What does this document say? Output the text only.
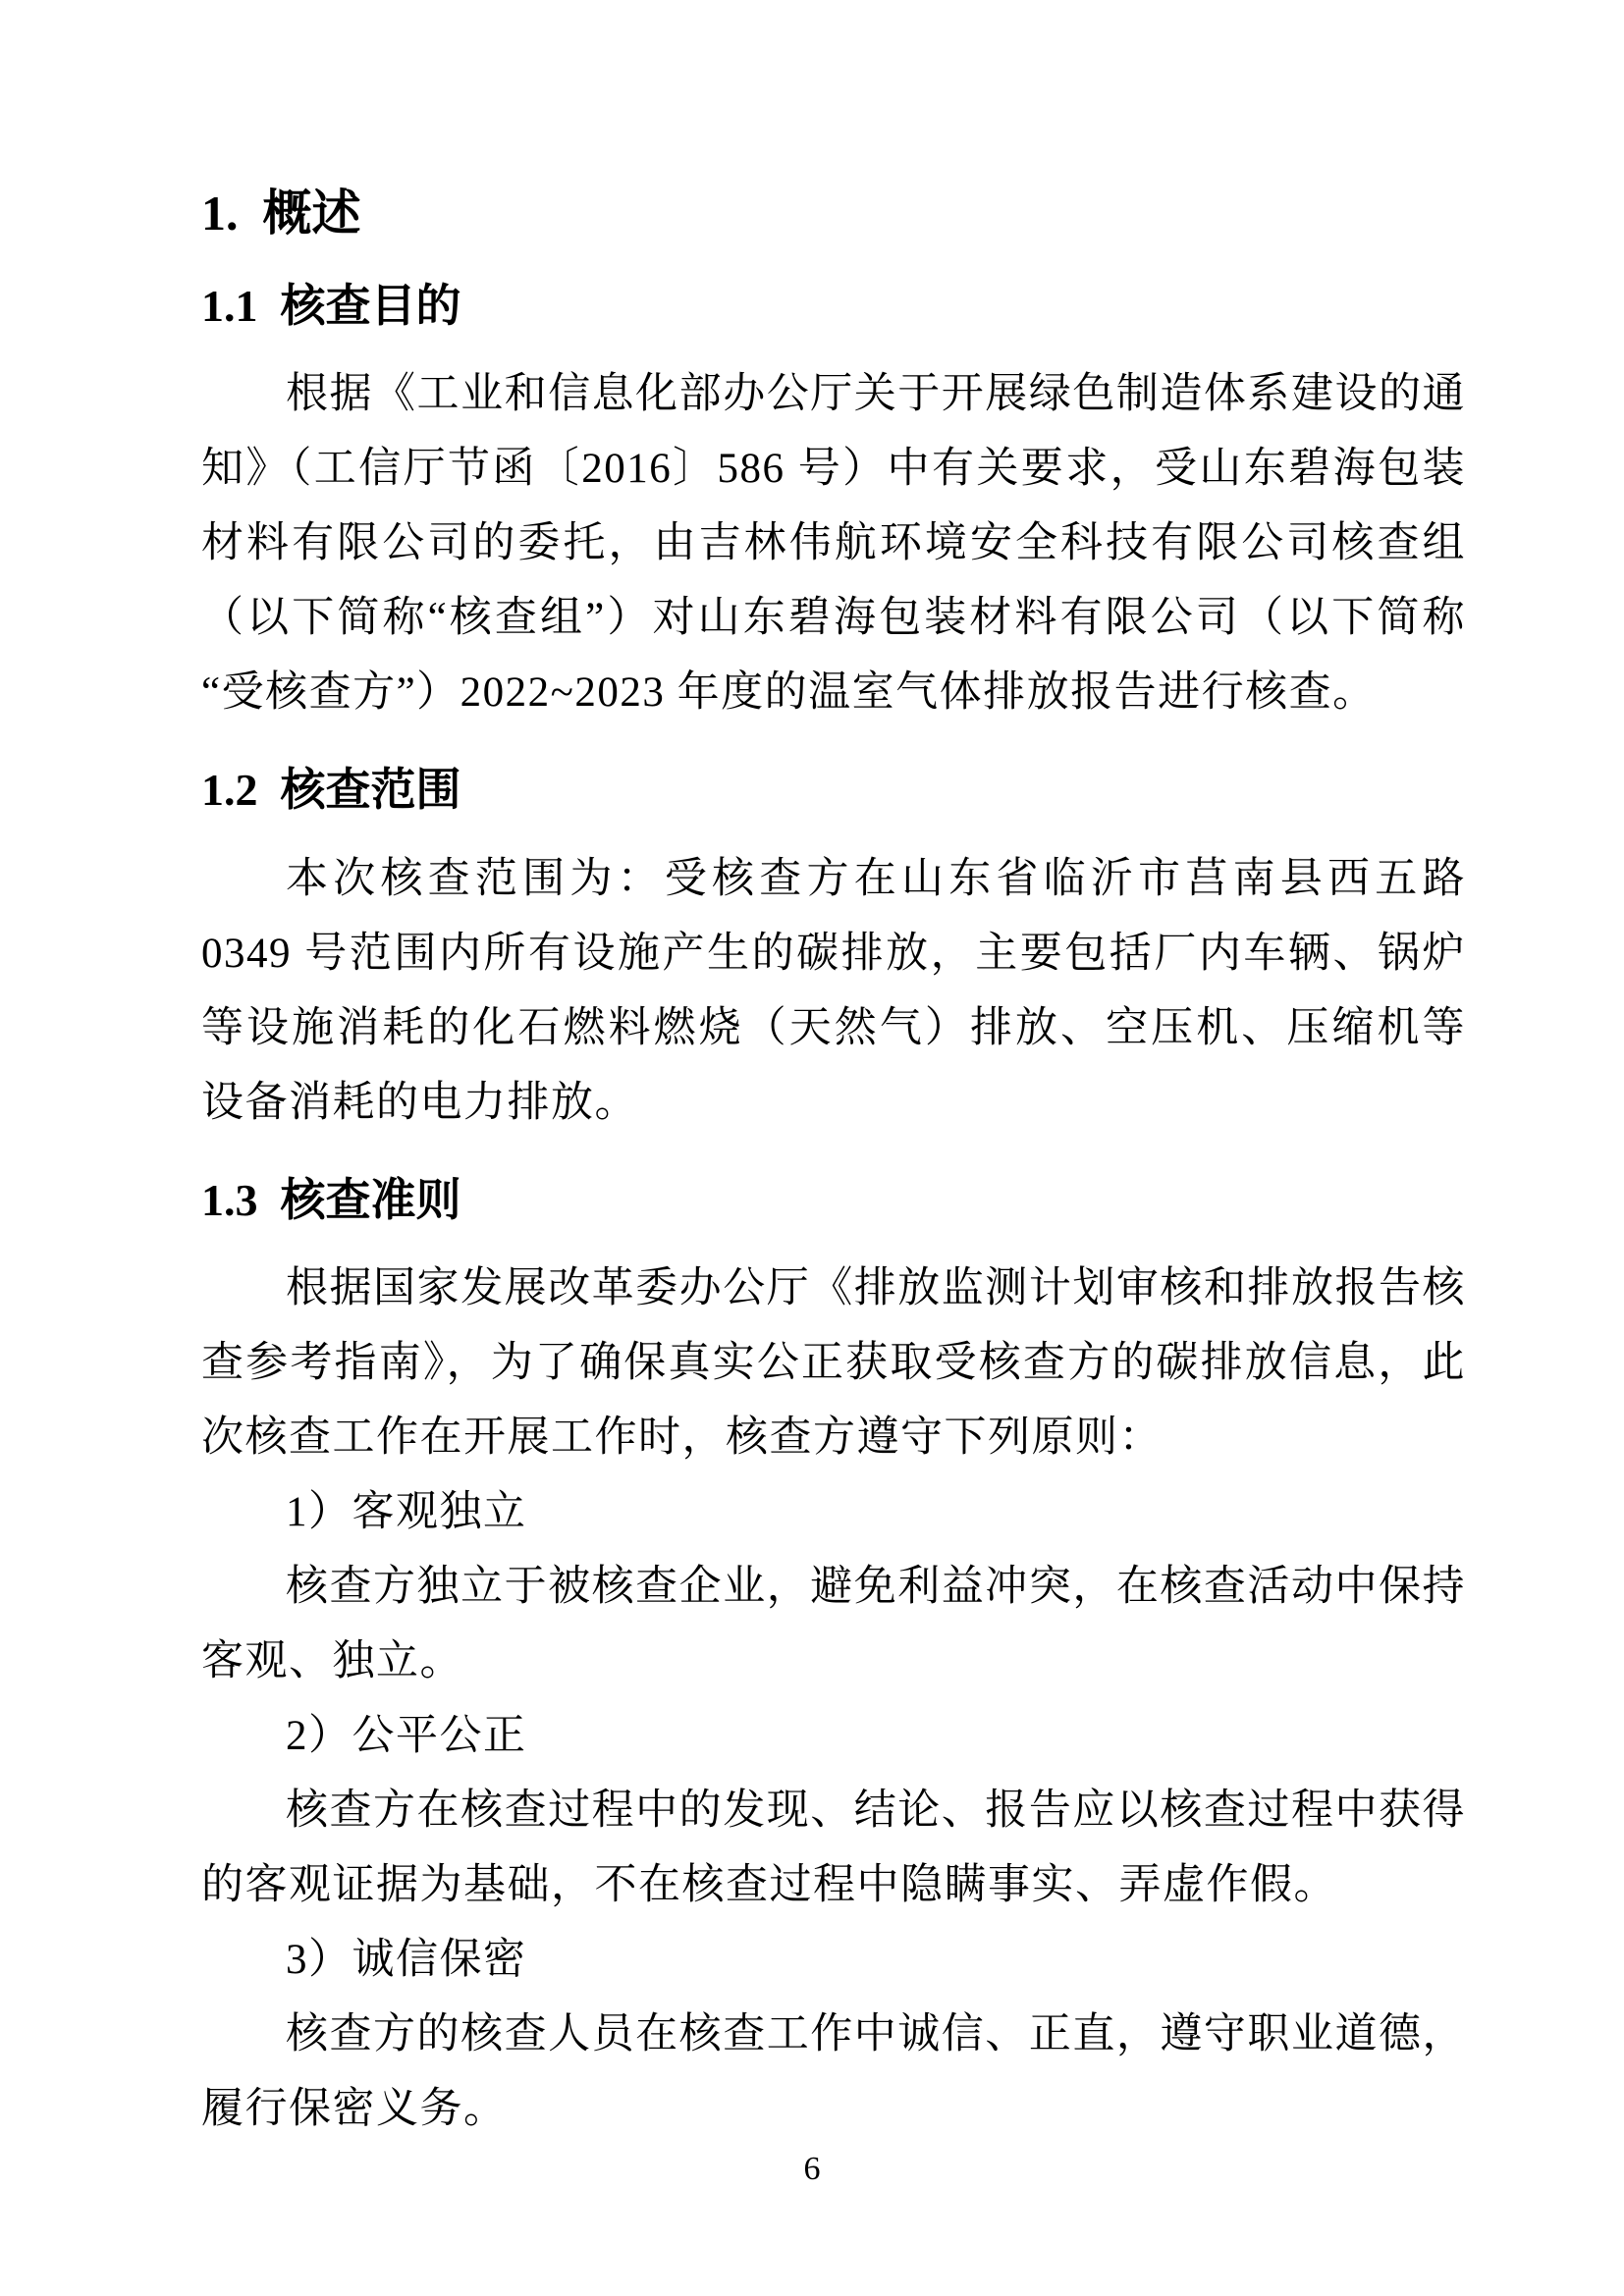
1.  概述
1.1  核查目的
根据《工业和信息化部办公厅关于开展绿色制造体系建设的通知》（工信厅节函〔2016〕586 号）中有关要求，受山东碧海包装材料有限公司的委托，由吉林伟航环境安全科技有限公司核查组（以下简称“核查组”）对山东碧海包装材料有限公司（以下简称“受核查方”）2022~2023 年度的温室气体排放报告进行核查。
1.2  核查范围
本次核查范围为：受核查方在山东省临沂市莒南县西五路 0349 号范围内所有设施产生的碳排放，主要包括厂内车辆、锅炉等设施消耗的化石燃料燃烧（天然气）排放、空压机、压缩机等设备消耗的电力排放。
1.3  核查准则
根据国家发展改革委办公厅《排放监测计划审核和排放报告核查参考指南》，为了确保真实公正获取受核查方的碳排放信息，此次核查工作在开展工作时，核查方遵守下列原则：
1）客观独立
核查方独立于被核查企业，避免利益冲突，在核查活动中保持客观、独立。
2）公平公正
核查方在核查过程中的发现、结论、报告应以核查过程中获得的客观证据为基础，不在核查过程中隐瞒事实、弄虚作假。
3）诚信保密
核查方的核查人员在核查工作中诚信、正直，遵守职业道德，履行保密义务。
6
